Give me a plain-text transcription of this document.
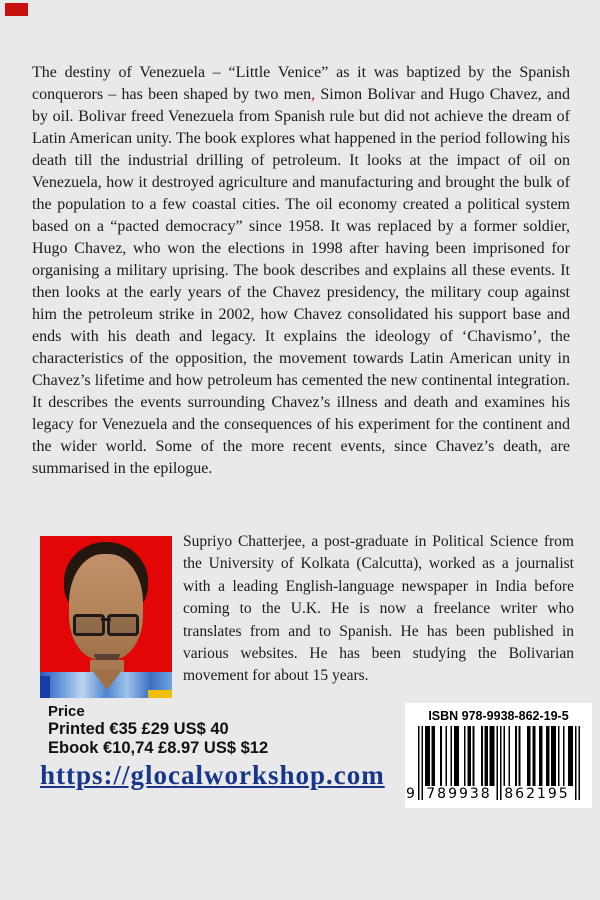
The destiny of Venezuela – “Little Venice” as it was baptized by the Spanish conquerors – has been shaped by two men, Simon Bolivar and Hugo Chavez, and by oil. Bolivar freed Venezuela from Spanish rule but did not achieve the dream of Latin American unity. The book explores what happened in the period following his death till the industrial drilling of petroleum. It looks at the impact of oil on Venezuela, how it destroyed agriculture and manufacturing and brought the bulk of the population to a few coastal cities. The oil economy created a political system based on a “pacted democracy” since 1958. It was replaced by a former soldier, Hugo Chavez, who won the elections in 1998 after having been imprisoned for organising a military uprising. The book describes and explains all these events. It then looks at the early years of the Chavez presidency, the military coup against him the petroleum strike in 2002, how Chavez consolidated his support base and ends with his death and legacy. It explains the ideology of ‘Chavismo’, the characteristics of the opposition, the movement towards Latin American unity in Chavez’s lifetime and how petroleum has cemented the new continental integration. It describes the events surrounding Chavez’s illness and death and examines his legacy for Venezuela and the consequences of his experiment for the continent and the wider world. Some of the more recent events, since Chavez’s death, are summarised in the epilogue.

Supriyo Chatterjee, a post-graduate in Political Science from the University of Kolkata (Calcutta), worked as a journalist with a leading English-language newspaper in India before coming to the U.K. He is now a freelance writer who translates from and to Spanish. He has been published in various websites. He has been studying the Bolivarian movement for about 15 years.

Price

Printed €35 £29 US$ 40

Ebook €10,74 £8.97 US$ $12

https://glocalworkshop.com
ISBN 978-9938-862-19-5
9 789938 862195
